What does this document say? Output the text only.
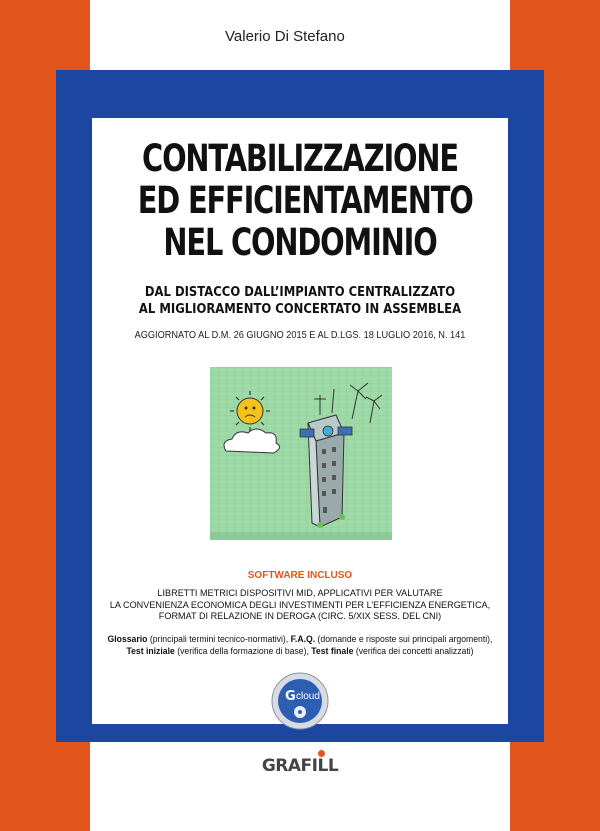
Valerio Di Stefano
CONTABILIZZAZIONE
ED EFFICIENTAMENTO
NEL CONDOMINIO
DAL DISTACCO DALL’IMPIANTO CENTRALIZZATO
AL MIGLIORAMENTO CONCERTATO IN ASSEMBLEA
AGGIORNATO AL D.M. 26 GIUGNO 2015 E AL D.LGS. 18 LUGLIO 2016, N. 141
SOFTWARE INCLUSO
LIBRETTI METRICI DISPOSITIVI MID, APPLICATIVI PER VALUTARE
LA CONVENIENZA ECONOMICA DEGLI INVESTIMENTI PER L’EFFICIENZA ENERGETICA,
FORMAT DI RELAZIONE IN DEROGA (CIRC. 5/XIX SESS. DEL CNI)
Glossario (principali termini tecnico-normativi), F.A.Q. (domande e risposte sui principali argomenti),
Test iniziale (verifica della formazione di base), Test finale (verifica dei concetti analizzati)
G cloud
GRAFILL
